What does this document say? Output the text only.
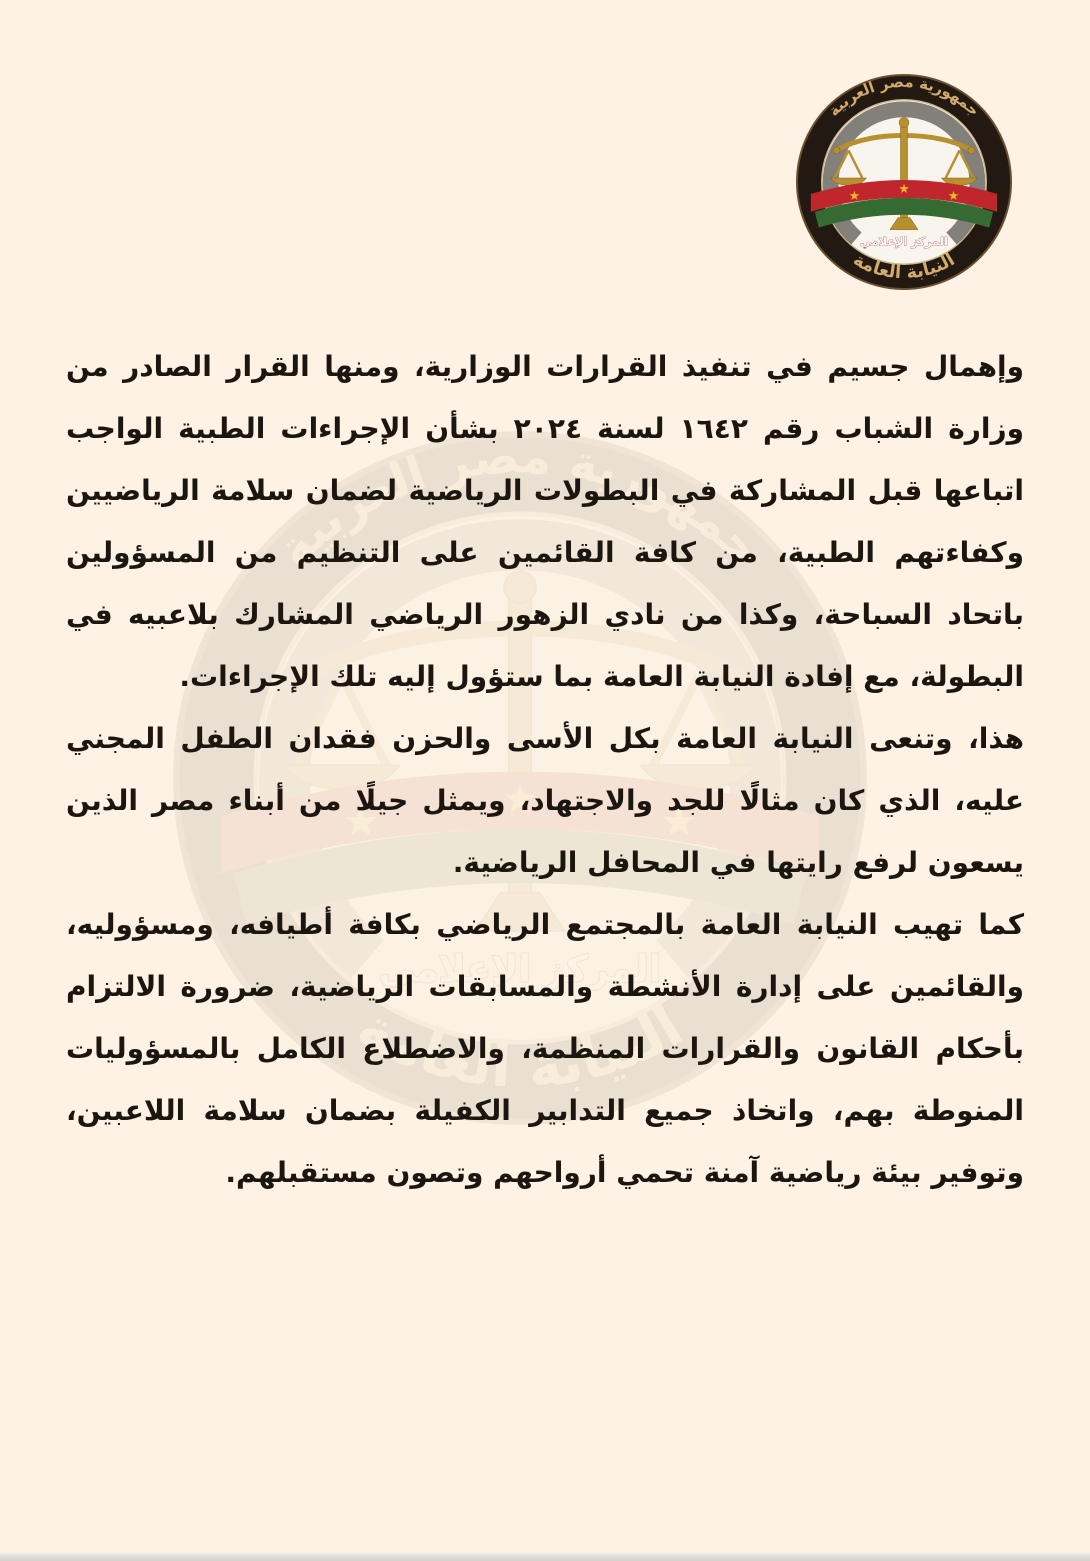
وإهمال جسيم في تنفيذ القرارات الوزارية، ومنها القرار الصادر من وزارة الشباب رقم ١٦٤٢ لسنة ٢٠٢٤ بشأن الإجراءات الطبية الواجب اتباعها قبل المشاركة في البطولات الرياضية لضمان سلامة الرياضيين وكفاءتهم الطبية، من كافة القائمين على التنظيم من المسؤولين باتحاد السباحة، وكذا من نادي الزهور الرياضي المشارك بلاعبيه في البطولة، مع إفادة النيابة العامة بما ستؤول إليه تلك الإجراءات.

هذا، وتنعى النيابة العامة بكل الأسى والحزن فقدان الطفل المجني عليه، الذي كان مثالًا للجد والاجتهاد، ويمثل جيلًا من أبناء مصر الذين يسعون لرفع رايتها في المحافل الرياضية.

كما تهيب النيابة العامة بالمجتمع الرياضي بكافة أطيافه، ومسؤوليه، والقائمين على إدارة الأنشطة والمسابقات الرياضية، ضرورة الالتزام بأحكام القانون والقرارات المنظمة، والاضطلاع الكامل بالمسؤوليات المنوطة بهم، واتخاذ جميع التدابير الكفيلة بضمان سلامة اللاعبين، وتوفير بيئة رياضية آمنة تحمي أرواحهم وتصون مستقبلهم.
